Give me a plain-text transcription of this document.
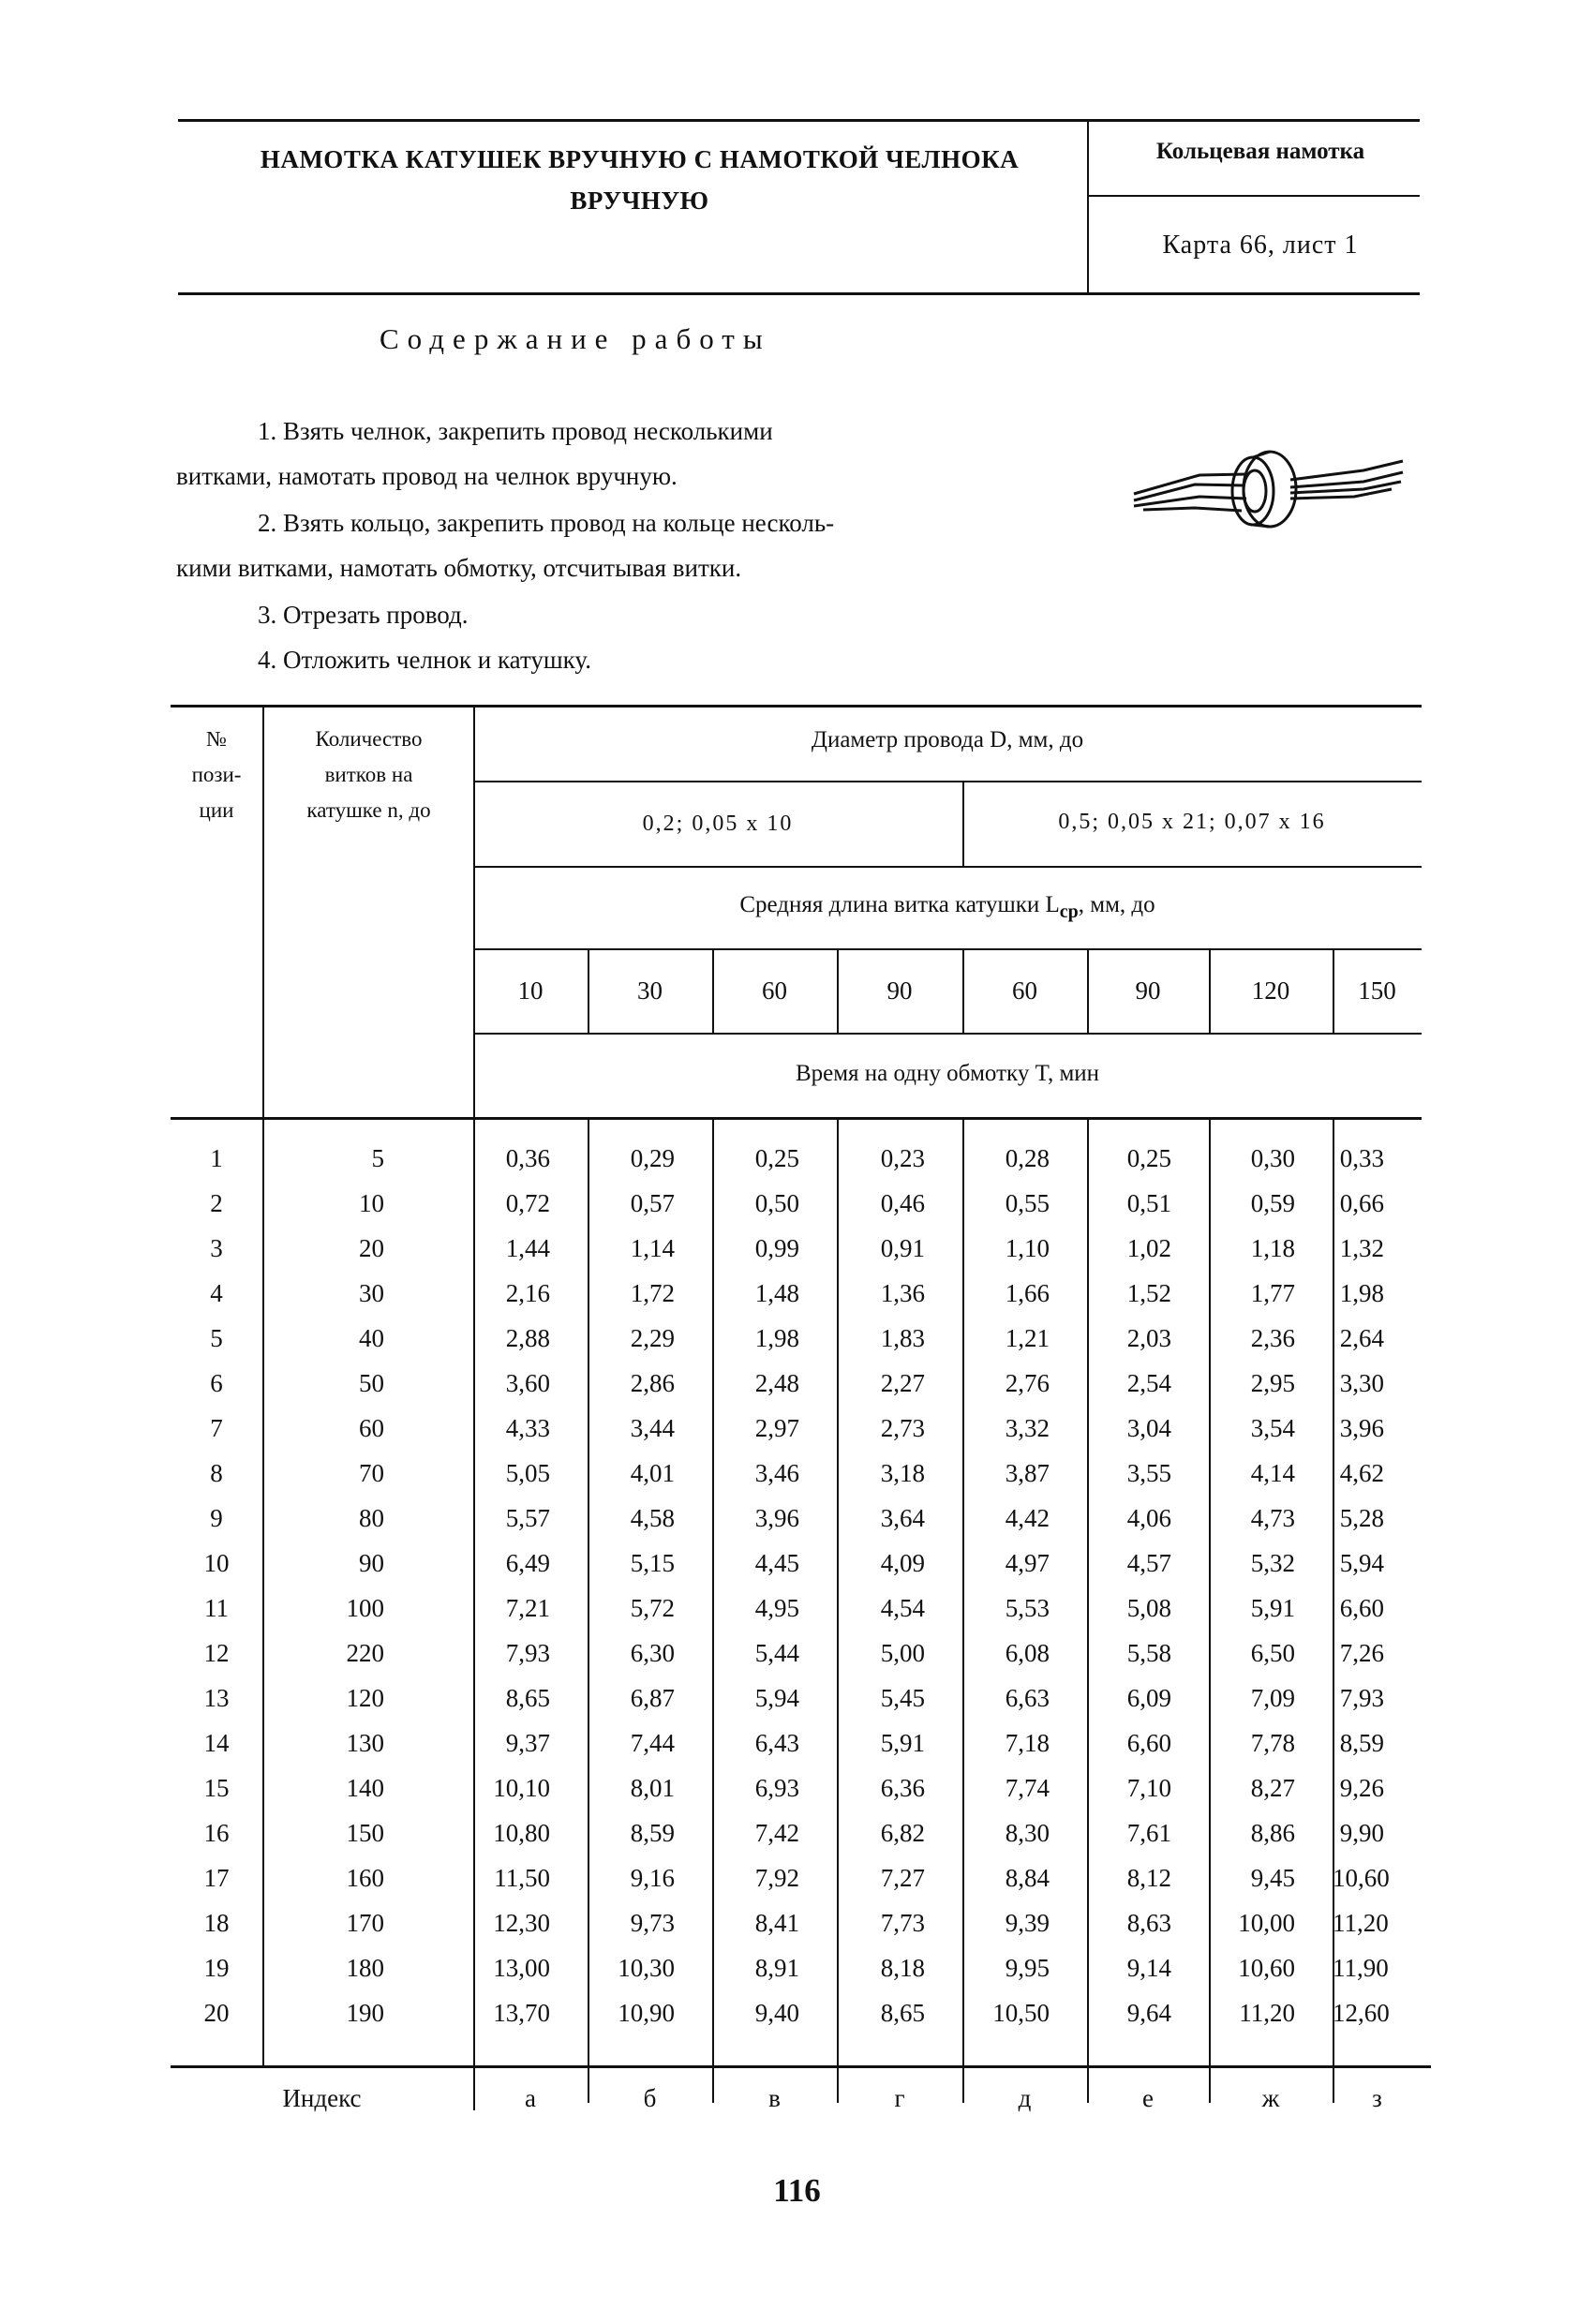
НАМОТКА КАТУШЕК ВРУЧНУЮ С НАМОТКОЙ ЧЕЛНОКА
ВРУЧНУЮ
Кольцевая намотка
Карта 66, лист 1
Содержание работы
1. Взять челнок, закрепить провод несколькими
витками, намотать провод на челнок вручную.
2. Взять кольцо, закрепить провод на кольце несколь-
кими витками, намотать обмотку, отсчитывая витки.
3. Отрезать провод.
4. Отложить челнок и катушку.
№
пози-
ции
Количество
витков на
катушке n, до
Диаметр провода D, мм, до
0,2; 0,05 x 10	0,5; 0,05 x 21; 0,07 x 16
Средняя длина витка катушки $L_{ср}$, мм, до
10	30	60	90	60	90	120	150
Время на одну обмотку T, мин
1	5	0,36	0,29	0,25	0,23	0,28	0,25	0,30 0,33
2	10	0,72	0,57	0,50	0,46	0,55	0,51	0,59 0,66
3	20	1,44	1,14	0,99	0,91	1,10	1,02	1,18 1,32
4	30	2,16	1,72	1,48	1,36	1,66	1,52	1,77 1,98
5	40	2,88	2,29	1,98	1,83	1,21	2,03	2,36 2,64
6	50	3,60	2,86	2,48	2,27	2,76	2,54	2,95 3,30
7	60	4,33	3,44	2,97	2,73	3,32	3,04	3,54 3,96
8	70	5,05	4,01	3,46	3,18	3,87	3,55	4,14 4,62
9	80	5,57	4,58	3,96	3,64	4,42	4,06	4,73 5,28
10	90	6,49	5,15	4,45	4,09	4,97	4,57	5,32 5,94
11	100	7,21	5,72	4,95	4,54	5,53	5,08	5,91 6,60
12	220	7,93	6,30	5,44	5,00	6,08	5,58	6,50 7,26
13	120	8,65	6,87	5,94	5,45	6,63	6,09	7,09 7,93
14	130	9,37	7,44	6,43	5,91	7,18	6,60	7,78 8,59
15	140	10,10	8,01	6,93	6,36	7,74	7,10	8,27 9,26
16	150	10,80	8,59	7,42	6,82	8,30	7,61	8,86 9,90
17	160	11,50	9,16	7,92	7,27	8,84	8,12	9,45 10,60
18	170	12,30	9,73	8,41	7,73	9,39	8,63	10,00 11,20
19	180	13,00	10,30	8,91	8,18	9,95	9,14	10,60 11,90
20	190	13,70	10,90	9,40	8,65	10,50	9,64	11,20 12,60
Индекс	а	б	в	г	д	е	ж	з
116
